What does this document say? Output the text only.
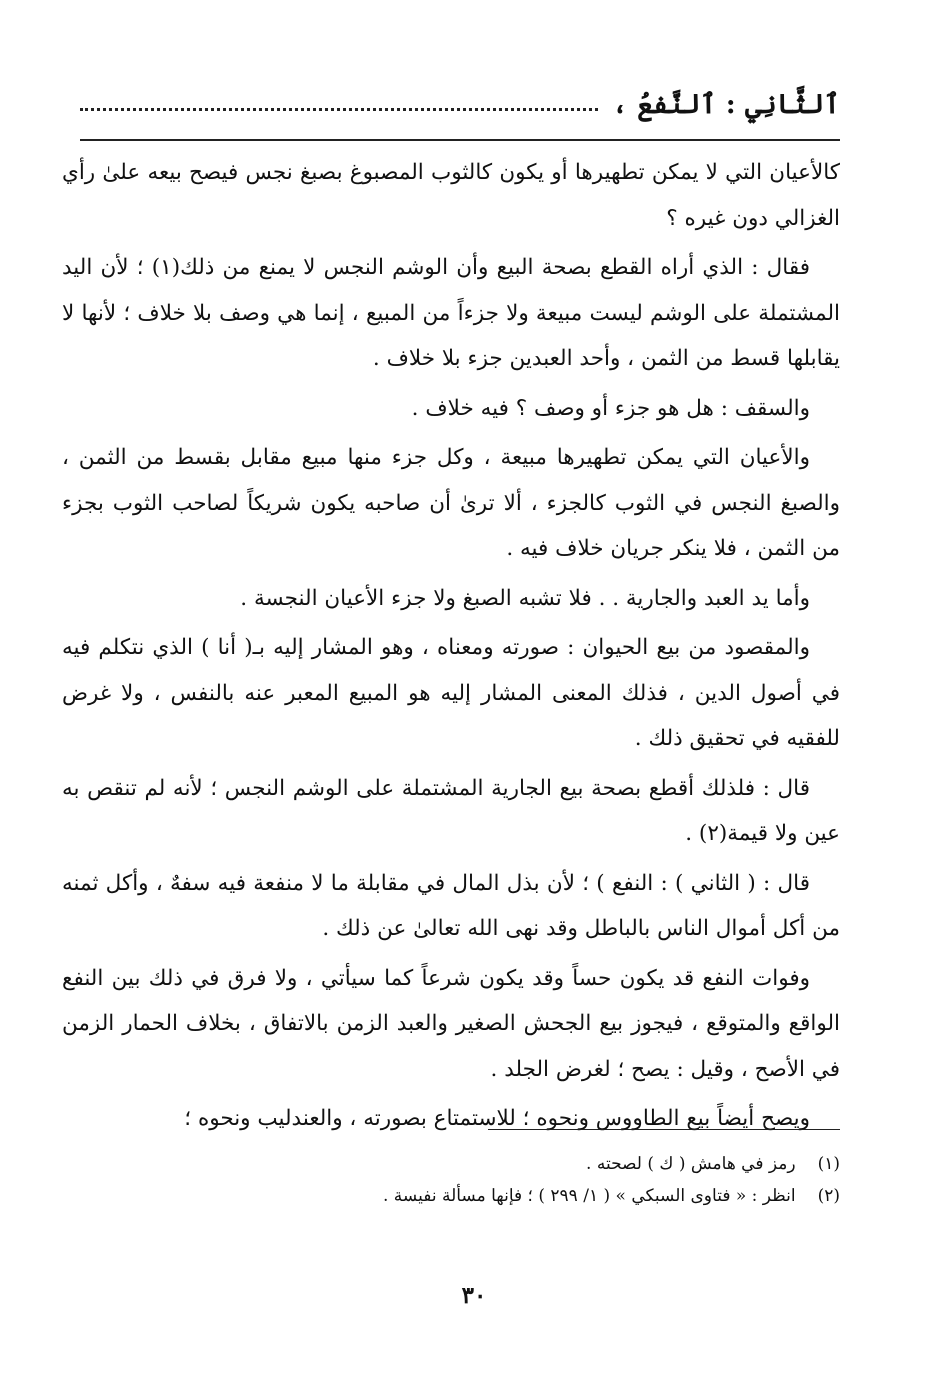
ٱلثَّانِي : ٱلنَّفعُ ،

كالأعيان التي لا يمكن تطهيرها أو يكون كالثوب المصبوغ بصبغ نجس فيصح بيعه علىٰ رأي الغزالي دون غيره ؟

فقال : الذي أراه القطع بصحة البيع وأن الوشم النجس لا يمنع من ذلك(١) ؛ لأن اليد المشتملة على الوشم ليست مبيعة ولا جزءاً من المبيع ، إنما هي وصف بلا خلاف ؛ لأنها لا يقابلها قسط من الثمن ، وأحد العبدين جزء بلا خلاف .

والسقف : هل هو جزء أو وصف ؟ فيه خلاف .

والأعيان التي يمكن تطهيرها مبيعة ، وكل جزء منها مبيع مقابل بقسط من الثمن ، والصبغ النجس في الثوب كالجزء ، ألا ترىٰ أن صاحبه يكون شريكاً لصاحب الثوب بجزء من الثمن ، فلا ينكر جريان خلاف فيه .

وأما يد العبد والجارية . . فلا تشبه الصبغ ولا جزء الأعيان النجسة .

والمقصود من بيع الحيوان : صورته ومعناه ، وهو المشار إليه بـ( أنا ) الذي نتكلم فيه في أصول الدين ، فذلك المعنى المشار إليه هو المبيع المعبر عنه بالنفس ، ولا غرض للفقيه في تحقيق ذلك .

قال : فلذلك أقطع بصحة بيع الجارية المشتملة على الوشم النجس ؛ لأنه لم تنقص به عين ولا قيمة(٢) .

قال : ( الثاني ) : النفع ) ؛ لأن بذل المال في مقابلة ما لا منفعة فيه سفهٌ ، وأكل ثمنه من أكل أموال الناس بالباطل وقد نهى الله تعالىٰ عن ذلك .

وفوات النفع قد يكون حساً وقد يكون شرعاً كما سيأتي ، ولا فرق في ذلك بين النفع الواقع والمتوقع ، فيجوز بيع الجحش الصغير والعبد الزمن بالاتفاق ، بخلاف الحمار الزمن في الأصح ، وقيل : يصح ؛ لغرض الجلد .

ويصح أيضاً بيع الطاووس ونحوه ؛ للاستمتاع بصورته ، والعندليب ونحوه ؛

(١)
رمز في هامش ( ك ) لصحته .
(٢)
انظر : « فتاوى السبكي » ( ١/ ٢٩٩ ) ؛ فإنها مسألة نفيسة .
٣٠
